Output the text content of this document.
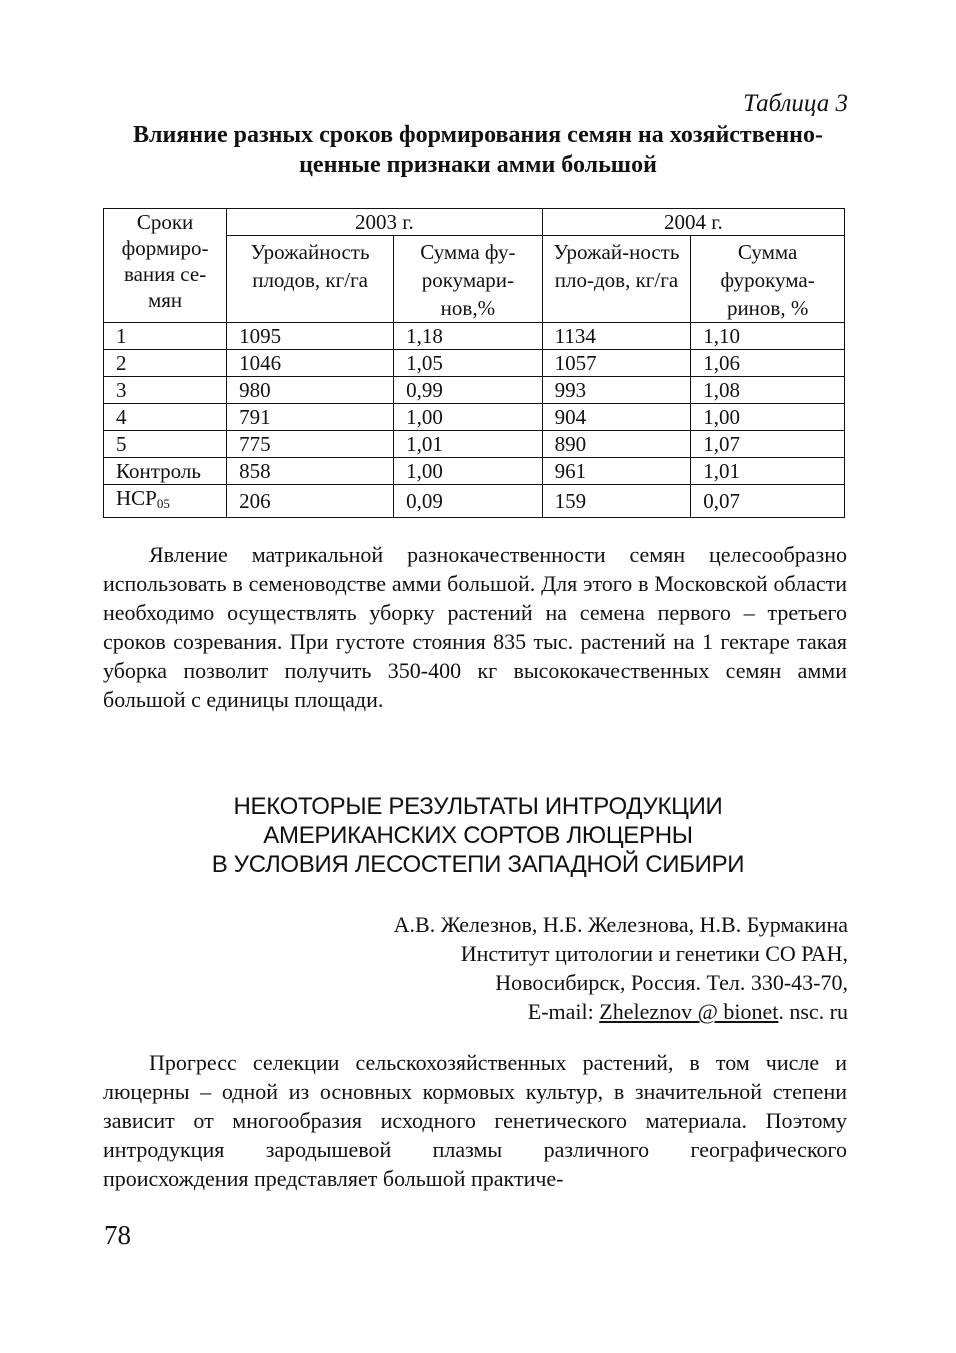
Таблица 3
Влияние разных сроков формирования семян на хозяйственно-
ценные признаки амми большой
Сроки формиро-вания се-мян	2003 г.		2004 г.	
	Урожайность плодов, кг/га	Сумма фу-рокумари-нов,%	Урожай-ность пло-дов, кг/га	Сумма фурокума-ринов, %
1	1095	1,18	1134	1,10
2	1046	1,05	1057	1,06
3	980	0,99	993	1,08
4	791	1,00	904	1,00
5	775	1,01	890	1,07
Контроль	858	1,00	961	1,01
$НСР_{05}$	206	0,09	159	0,07
Явление матрикальной разнокачественности семян целесообразно использовать в семеноводстве амми большой. Для этого в Московской области необходимо осуществлять уборку растений на семена первого – третьего сроков созревания. При густоте стояния 835 тыс. растений на 1 гектаре такая уборка позволит получить 350-400 кг высококачественных семян амми большой с единицы площади.
НЕКОТОРЫЕ РЕЗУЛЬТАТЫ ИНТРОДУКЦИИ
АМЕРИКАНСКИХ СОРТОВ ЛЮЦЕРНЫ
В УСЛОВИЯ ЛЕСОСТЕПИ ЗАПАДНОЙ СИБИРИ
А.В. Железнов, Н.Б. Железнова, Н.В. Бурмакина
Институт цитологии и генетики СО РАН,
Новосибирск, Россия. Тел. 330-43-70,
E-mail: Zheleznov @ bionet. nsc. ru
Прогресс селекции сельскохозяйственных растений, в том числе и люцерны – одной из основных кормовых культур, в значительной степени зависит от многообразия исходного генетического материала. Поэтому интродукция зародышевой плазмы различного географического происхождения представляет большой практиче-
78
